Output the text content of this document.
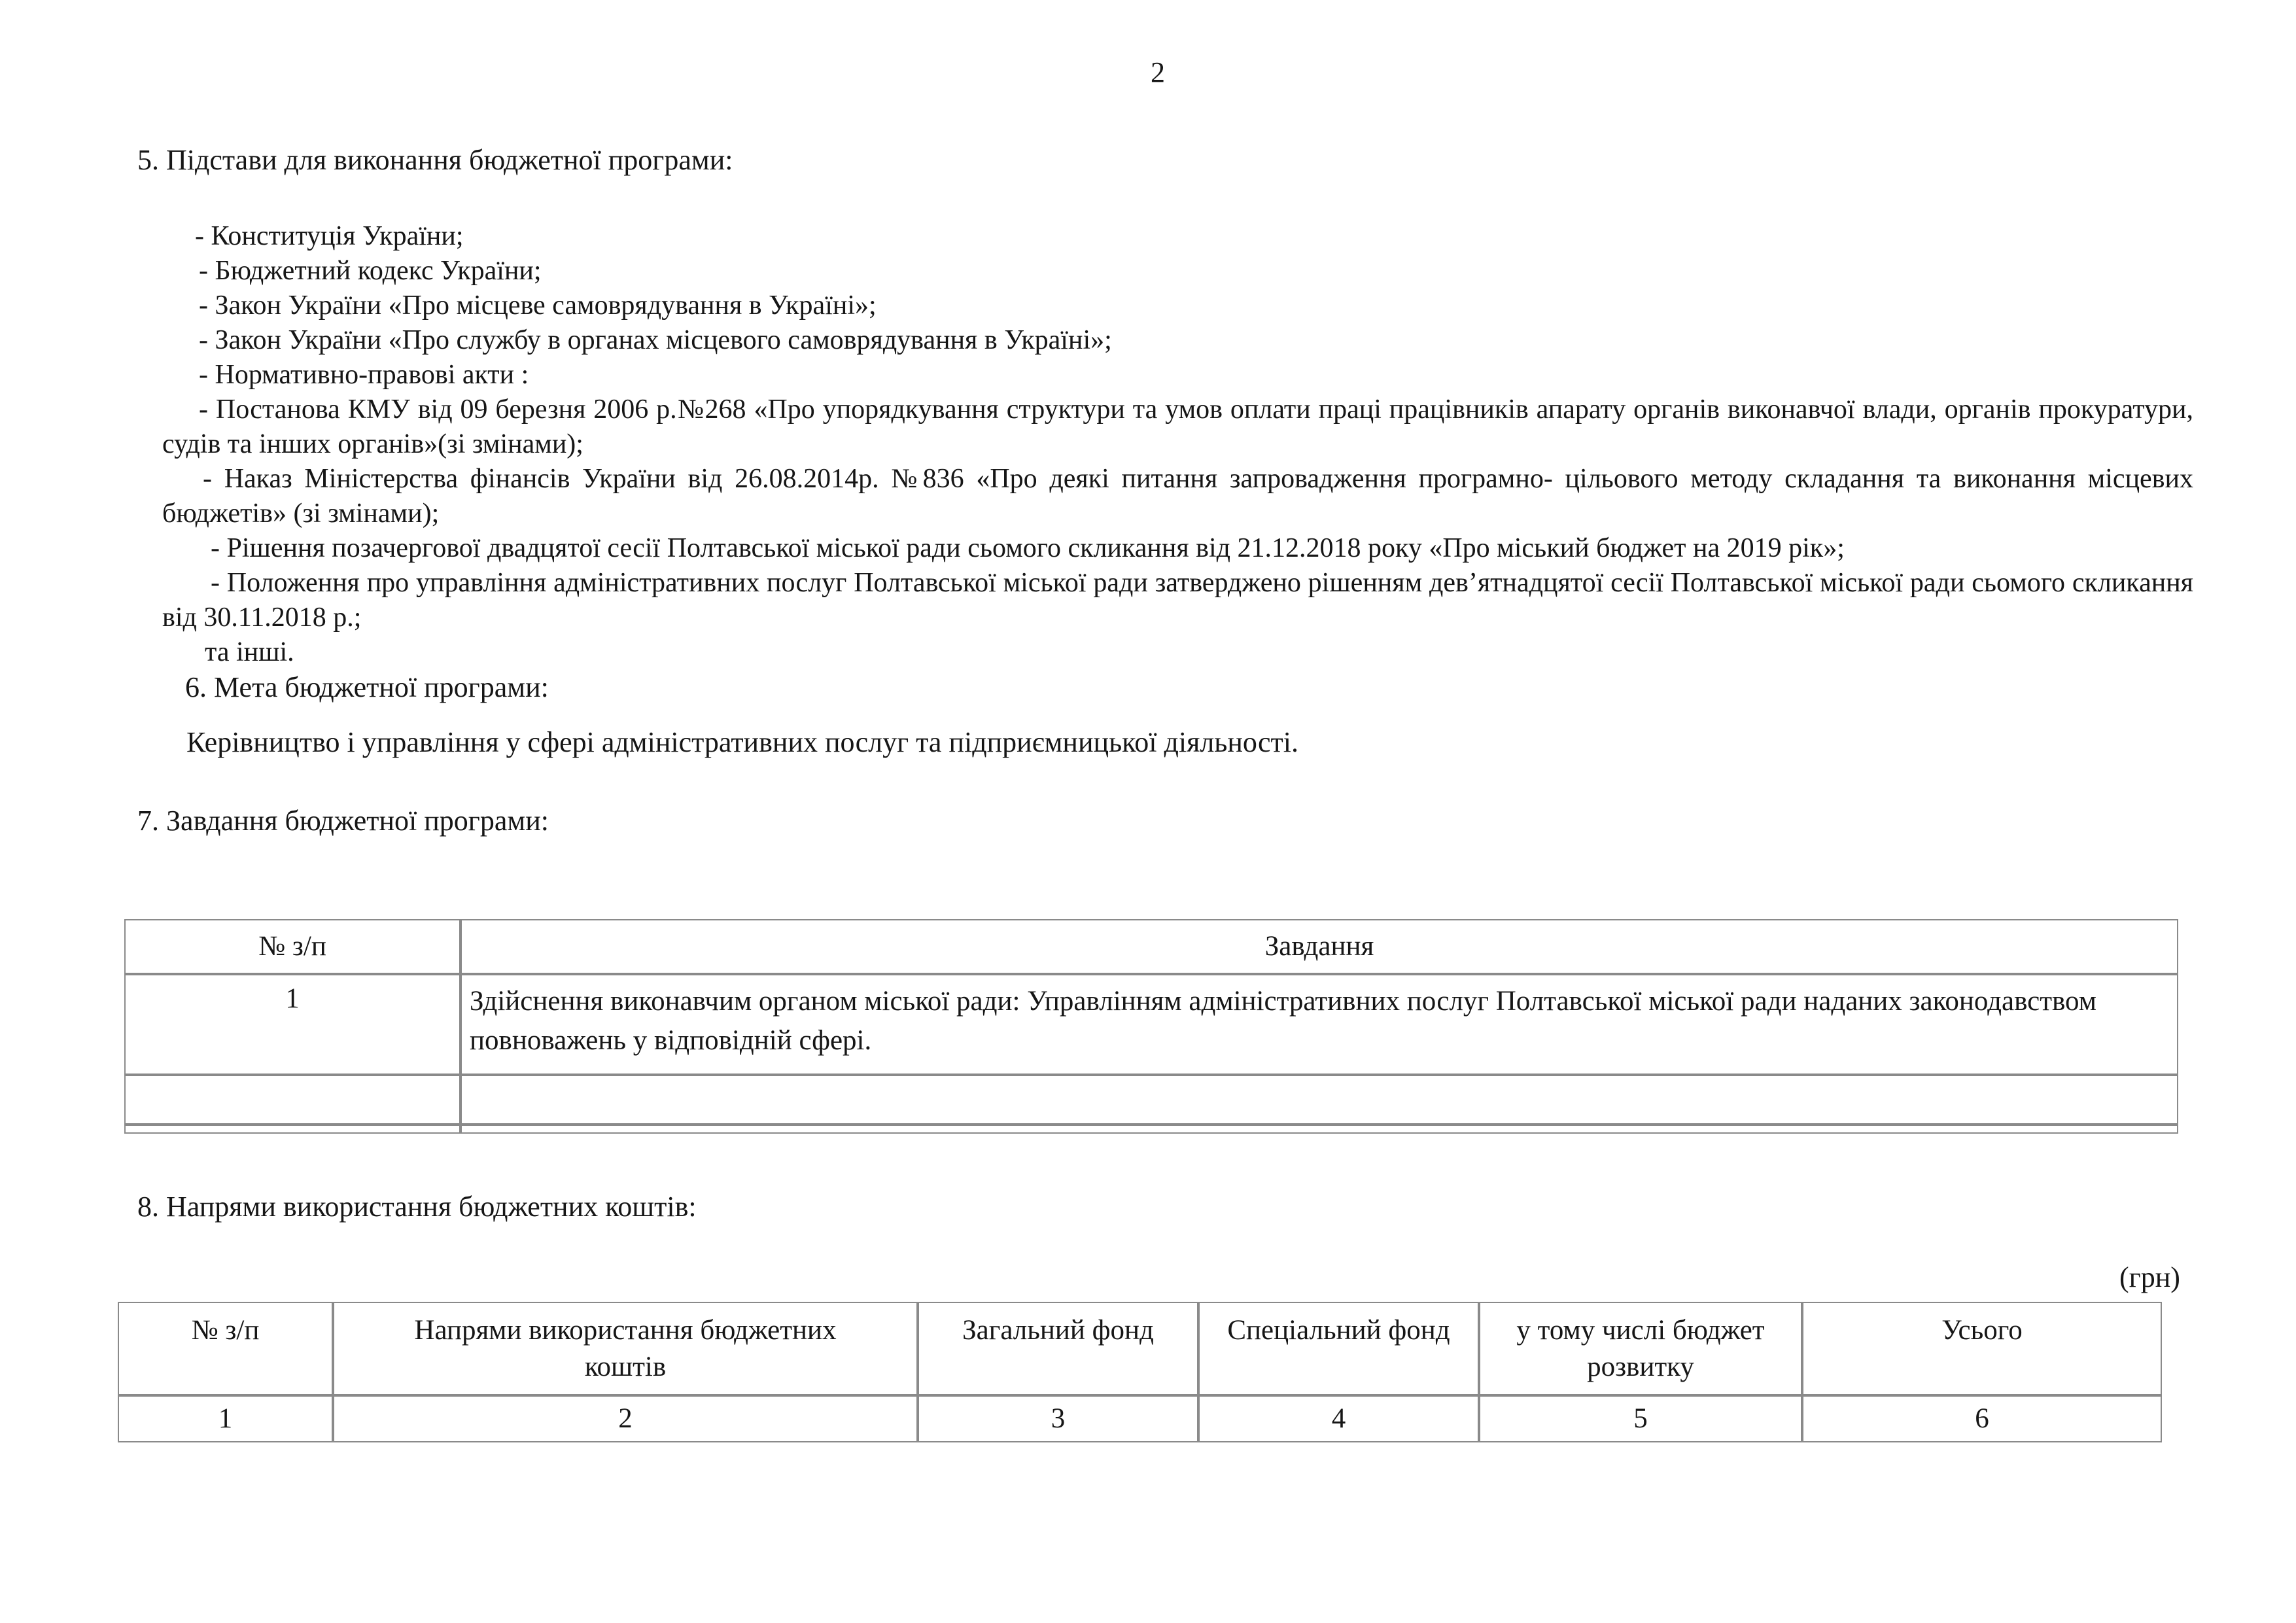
2
5. Підстави для виконання бюджетної програми:

- Конституція України;

- Бюджетний кодекс України;

- Закон України «Про місцеве самоврядування в Україні»;

- Закон України «Про службу в органах місцевого самоврядування в Україні»;

- Нормативно-правові акти :

- Постанова КМУ від 09 березня 2006 р.№268 «Про упорядкування структури та умов оплати праці працівників апарату органів виконавчої влади, органів прокуратури, судів та інших органів»(зі змінами);

- Наказ Міністерства фінансів України від 26.08.2014р. №836 «Про деякі питання запровадження програмно- цільового методу складання та виконання місцевих бюджетів» (зі змінами);

- Рішення позачергової двадцятої сесії Полтавської міської ради сьомого скликання від 21.12.2018 року «Про міський бюджет на 2019 рік»;

- Положення про управління адміністративних послуг Полтавської міської ради затверджено рішенням дев’ятнадцятої сесії Полтавської міської ради сьомого скликання від 30.11.2018 р.;

та інші.

6. Мета бюджетної програми:

Керівництво і управління у сфері адміністративних послуг та підприємницької діяльності.
7. Завдання бюджетної програми:
№ з/п	Завдання
1	Здійснення виконавчим органом міської ради: Управлінням адміністративних послуг Полтавської міської ради наданих законодавством повноважень у відповідній сфері.

8. Напрями використання бюджетних коштів:
(грн)
№ з/п	Напрями використання бюджетних коштів	Загальний фонд	Спеціальний фонд	у тому числі бюджет розвитку	Усього
1	2	3	4	5	6
